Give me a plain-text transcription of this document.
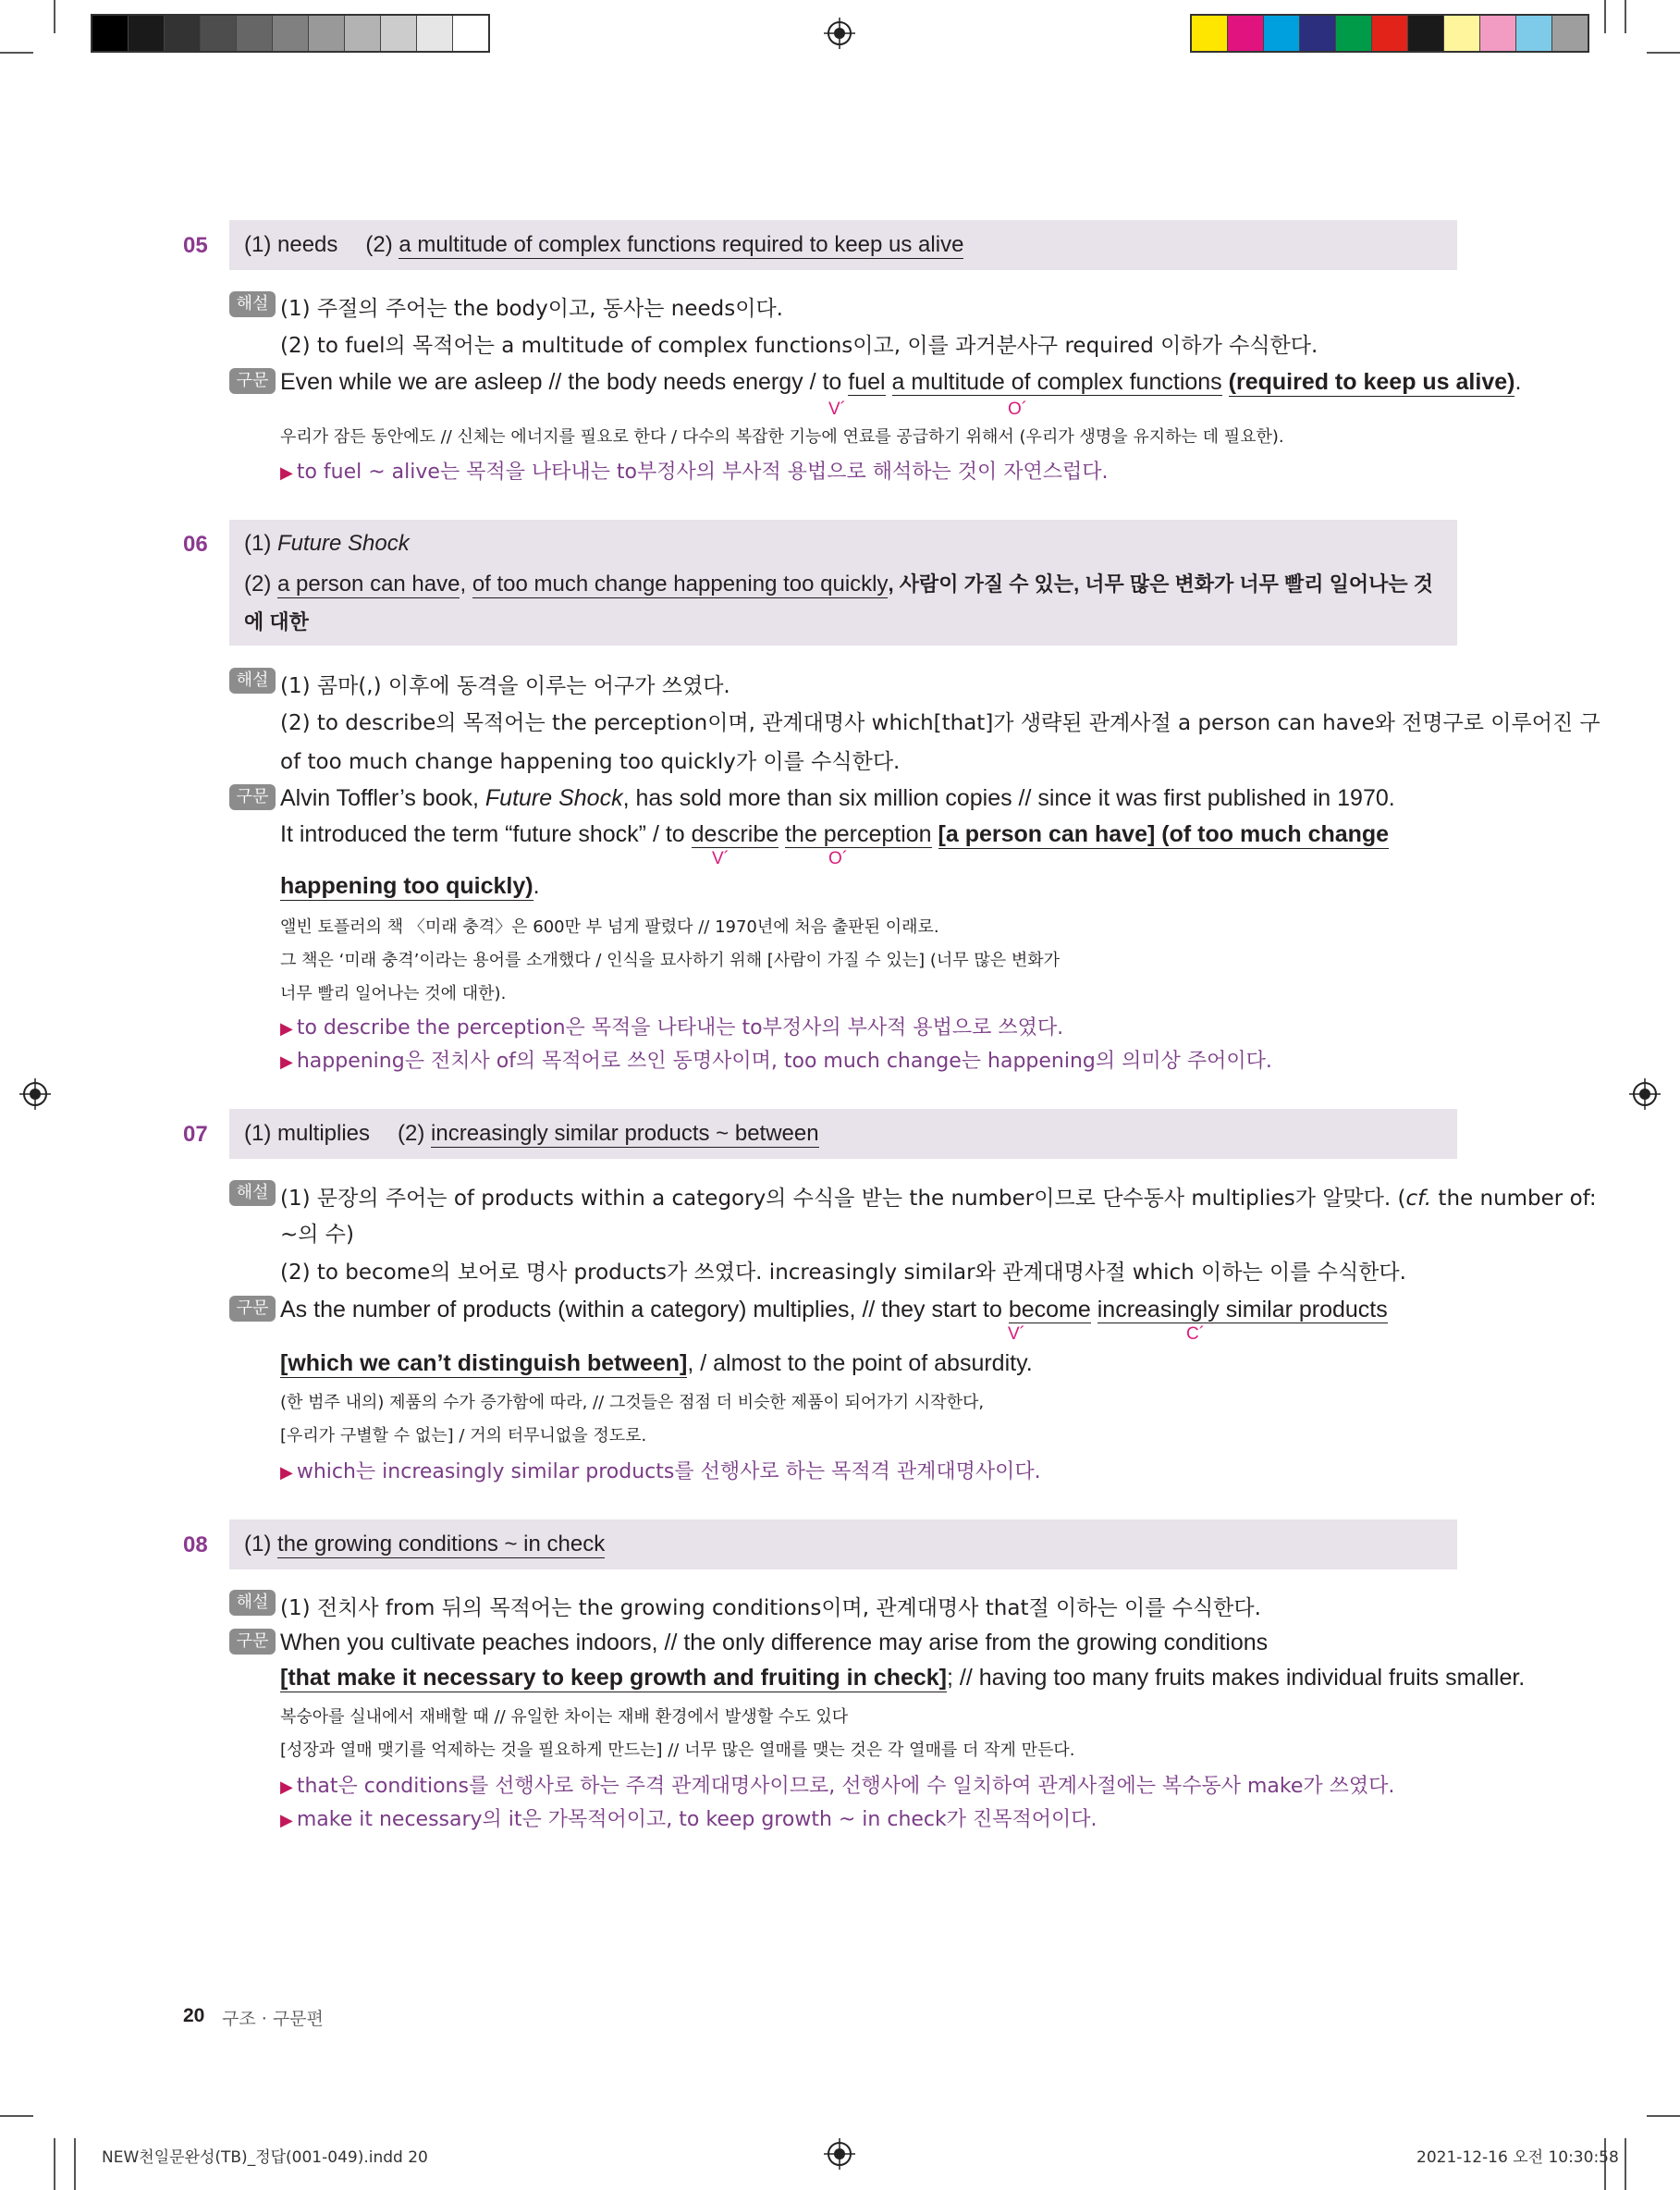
05 (1) needs (2) a multitude of complex functions required to keep us alive
해설 (1) 주절의 주어는 the body이고, 동사는 needs이다.
(2) to fuel의 목적어는 a multitude of complex functions이고, 이를 과거분사구 required 이하가 수식한다.
구문 Even while we are asleep // the body needs energy / to fuel a multitude of complex functions (required to keep us alive).
V´	O´
우리가 잠든 동안에도 // 신체는 에너지를 필요로 한다 / 다수의 복잡한 기능에 연료를 공급하기 위해서 (우리가 생명을 유지하는 데 필요한).
▶ to fuel ~ alive는 목적을 나타내는 to부정사의 부사적 용법으로 해석하는 것이 자연스럽다.
06 (1) Future Shock
(2) a person can have, of too much change happening too quickly, 사람이 가질 수 있는, 너무 많은 변화가 너무 빨리 일어나는 것
에 대한
해설 (1) 콤마(,) 이후에 동격을 이루는 어구가 쓰였다.
(2) to describe의 목적어는 the perception이며, 관계대명사 which[that]가 생략된 관계사절 a person can have와 전명구로 이루어진 구
of too much change happening too quickly가 이를 수식한다.
구문 Alvin Toffler’s book, Future Shock, has sold more than six million copies // since it was first published in 1970.
It introduced the term “future shock” / to describe the perception [a person can have] (of too much change
V´	O´
happening too quickly).
앨빈 토플러의 책 〈미래 충격〉은 600만 부 넘게 팔렸다 // 1970년에 처음 출판된 이래로.
그 책은 ‘미래 충격’이라는 용어를 소개했다 / 인식을 묘사하기 위해 [사람이 가질 수 있는] (너무 많은 변화가
너무 빨리 일어나는 것에 대한).
▶ to describe the perception은 목적을 나타내는 to부정사의 부사적 용법으로 쓰였다.
▶ happening은 전치사 of의 목적어로 쓰인 동명사이며, too much change는 happening의 의미상 주어이다.
07 (1) multiplies (2) increasingly similar products ~ between
해설 (1) 문장의 주어는 of products within a category의 수식을 받는 the number이므로 단수동사 multiplies가 알맞다. (cf. the number of:
~의 수)
(2) to become의 보어로 명사 products가 쓰였다. increasingly similar와 관계대명사절 which 이하는 이를 수식한다.
구문 As the number of products (within a category) multiplies, // they start to become increasingly similar products
V´	C´
[which we can’t distinguish between], / almost to the point of absurdity.
(한 범주 내의) 제품의 수가 증가함에 따라, // 그것들은 점점 더 비슷한 제품이 되어가기 시작한다,
[우리가 구별할 수 없는] / 거의 터무니없을 정도로.
▶ which는 increasingly similar products를 선행사로 하는 목적격 관계대명사이다.
08 (1) the growing conditions ~ in check
해설 (1) 전치사 from 뒤의 목적어는 the growing conditions이며, 관계대명사 that절 이하는 이를 수식한다.
구문 When you cultivate peaches indoors, // the only difference may arise from the growing conditions
[that make it necessary to keep growth and fruiting in check]; // having too many fruits makes individual fruits smaller.
복숭아를 실내에서 재배할 때 // 유일한 차이는 재배 환경에서 발생할 수도 있다
[성장과 열매 맺기를 억제하는 것을 필요하게 만드는] // 너무 많은 열매를 맺는 것은 각 열매를 더 작게 만든다.
▶ that은 conditions를 선행사로 하는 주격 관계대명사이므로, 선행사에 수 일치하여 관계사절에는 복수동사 make가 쓰였다.
▶ make it necessary의 it은 가목적어이고, to keep growth ~ in check가 진목적어이다.
20 구조 · 구문편
NEW천일문완성(TB)_정답(001-049).indd 20	2021-12-16 오전 10:30:58
